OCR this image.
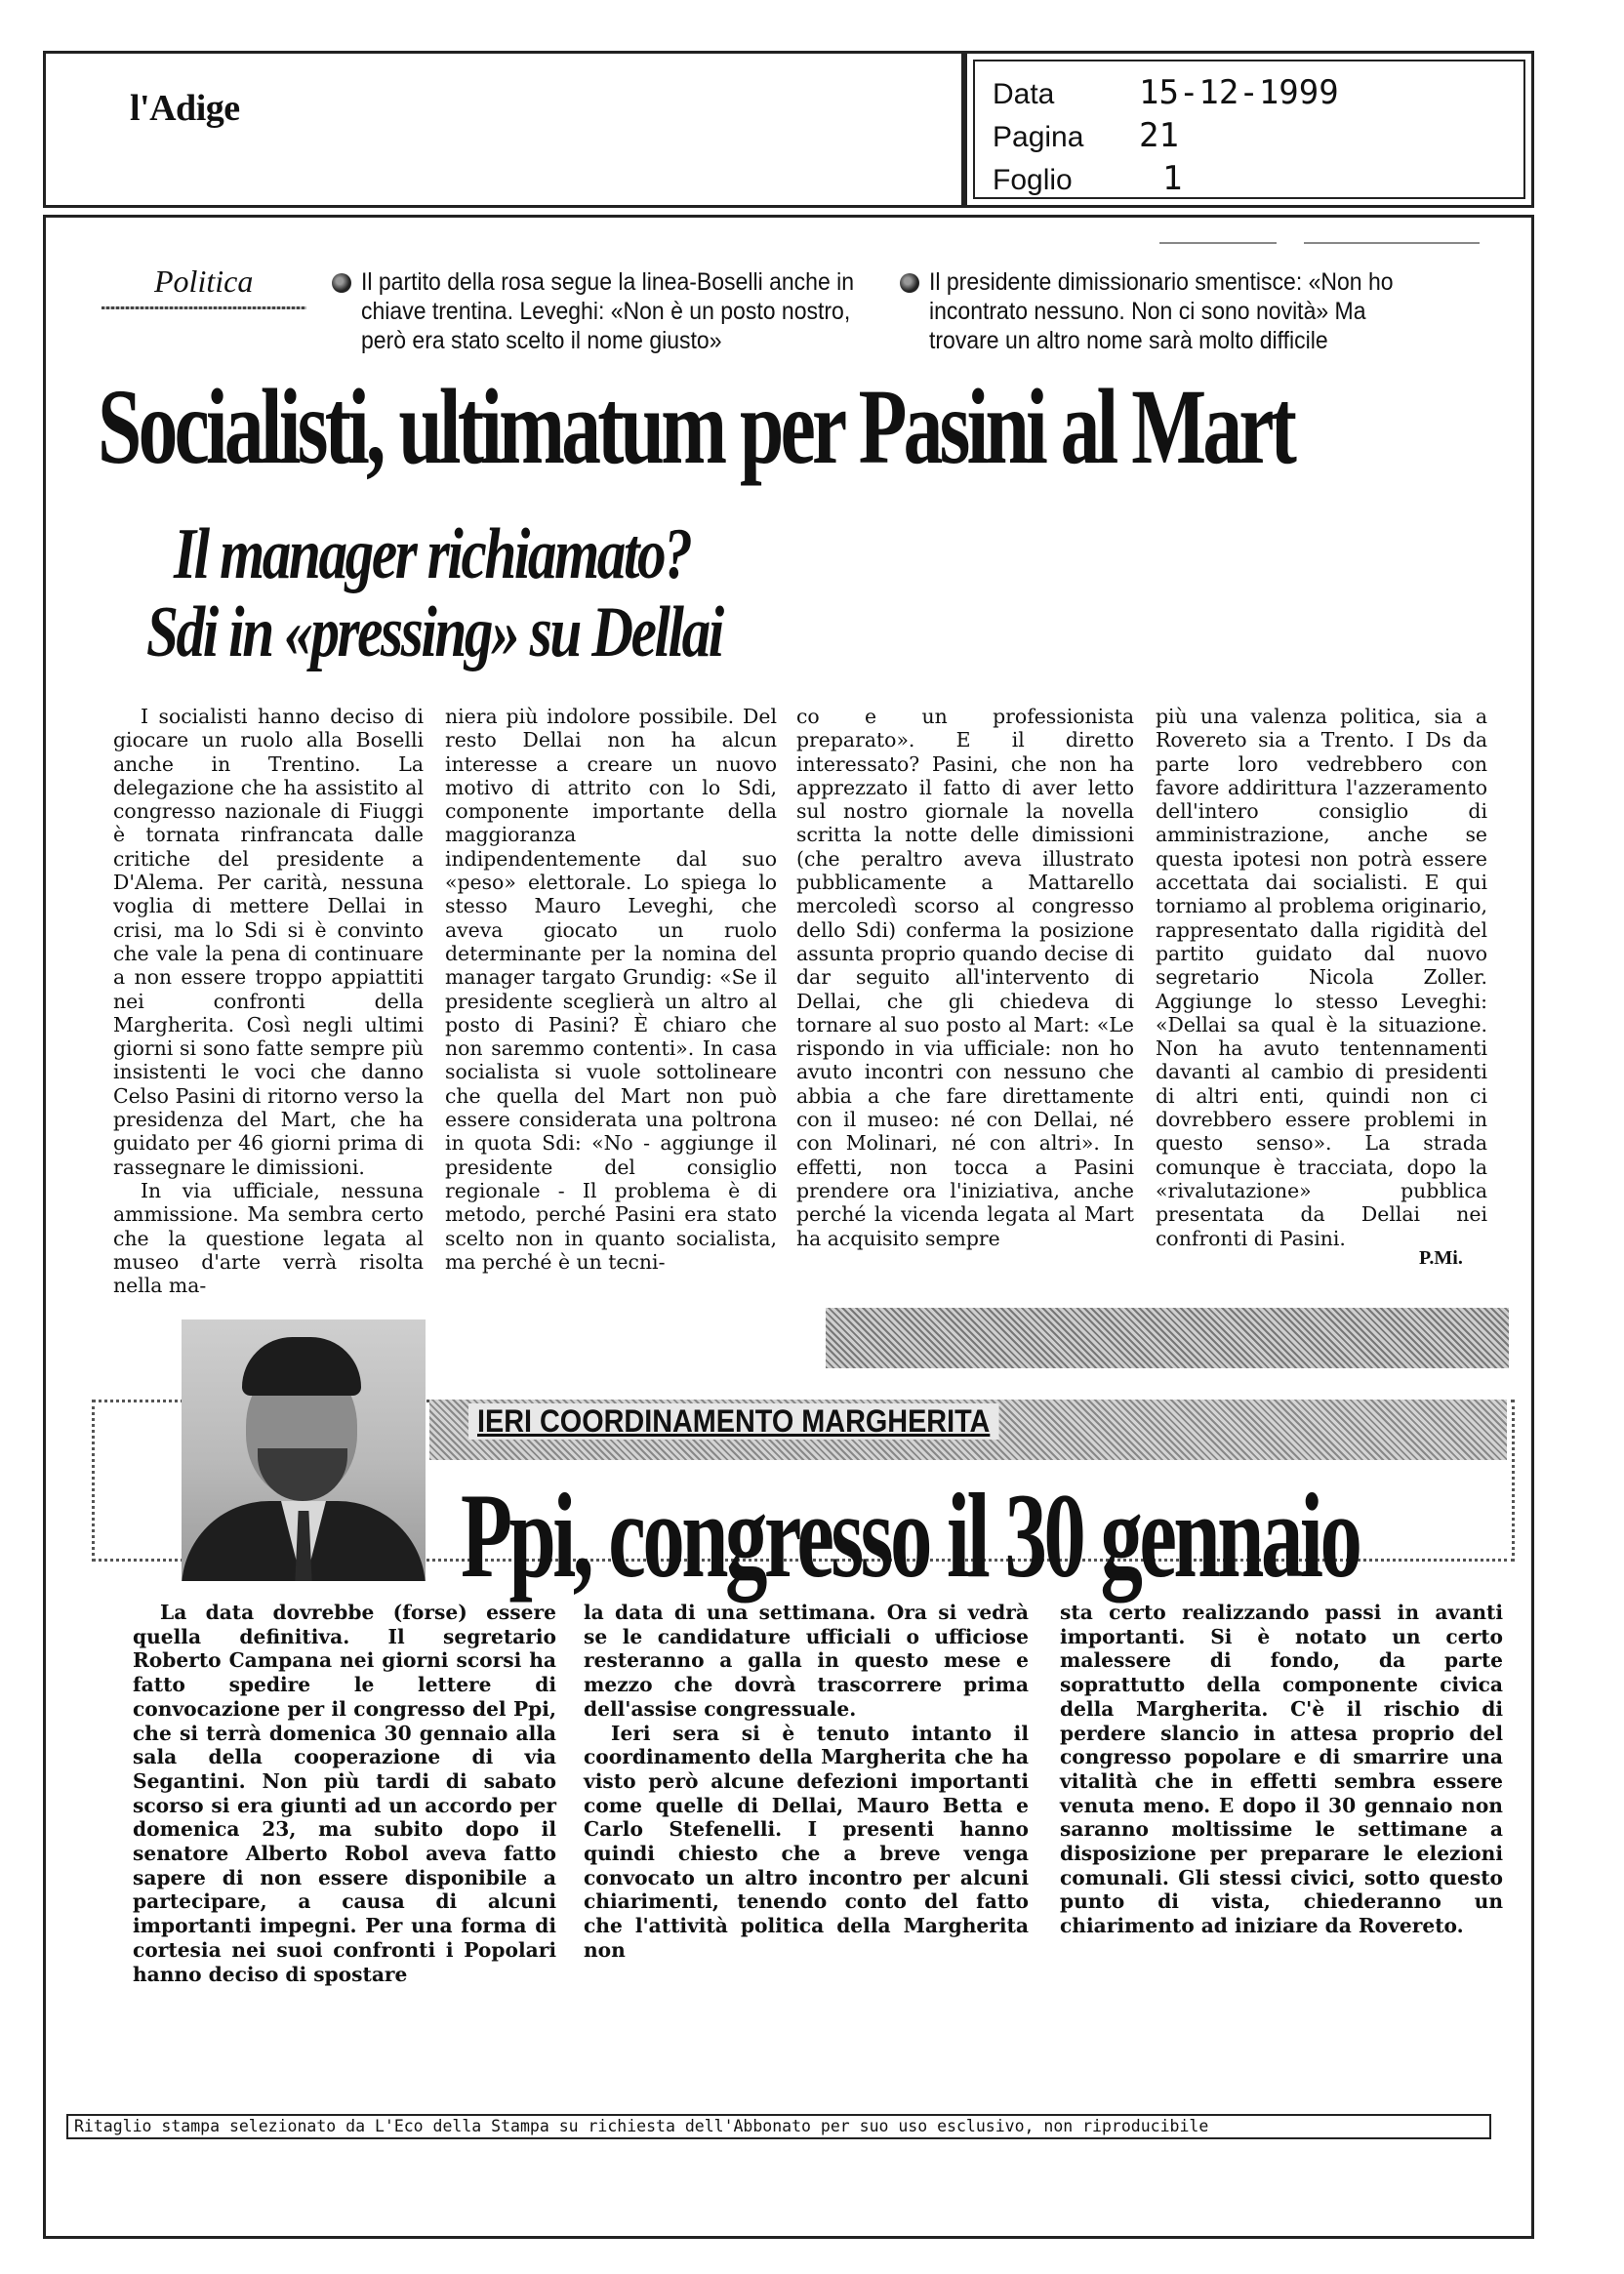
l'Adige	Data	15-12-1999
Pagina 21
Foglio	1
Politica	Il partito della rosa segue la linea-Boselli anche in chiave trentina. Leveghi: «Non è un posto nostro, però era stato scelto il nome giusto»
Il presidente dimissionario smentisce: «Non ho incontrato nessuno. Non ci sono novità» Ma trovare un altro nome sarà molto difficile
Socialisti, ultimatum per Pasini al Mart
Il manager richiamato?
Sdi in «pressing» su Dellai

I socialisti hanno deciso di giocare un ruolo alla Boselli anche in Trentino. La delegazione che ha assistito al congresso nazionale di Fiuggi è tornata rinfrancata dalle critiche del presidente a D'Alema. Per carità, nessuna voglia di mettere Dellai in crisi, ma lo Sdi si è convinto che vale la pena di continuare a non essere troppo appiattiti nei confronti della Margherita. Così negli ultimi giorni si sono fatte sempre più insistenti le voci che danno Celso Pasini di ritorno verso la presidenza del Mart, che ha guidato per 46 giorni prima di rassegnare le dimissioni.

In via ufficiale, nessuna ammissione. Ma sembra certo che la questione legata al museo d'arte verrà risolta nella ma-

niera più indolore possibile. Del resto Dellai non ha alcun interesse a creare un nuovo motivo di attrito con lo Sdi, componente importante della maggioranza indipendentemente dal suo «peso» elettorale. Lo spiega lo stesso Mauro Leveghi, che aveva giocato un ruolo determinante per la nomina del manager targato Grundig: «Se il presidente sceglierà un altro al posto di Pasini? È chiaro che non saremmo contenti». In casa socialista si vuole sottolineare che quella del Mart non può essere considerata una poltrona in quota Sdi: «No - aggiunge il presidente del consiglio regionale - Il problema è di metodo, perché Pasini era stato scelto non in quanto socialista, ma perché è un tecni-

co e un professionista preparato». E il diretto interessato? Pasini, che non ha apprezzato il fatto di aver letto sul nostro giornale la novella scritta la notte delle dimissioni (che peraltro aveva illustrato pubblicamente a Mattarello mercoledì scorso al congresso dello Sdi) conferma la posizione assunta proprio quando decise di dar seguito all'intervento di Dellai, che gli chiedeva di tornare al suo posto al Mart: «Le rispondo in via ufficiale: non ho avuto incontri con nessuno che abbia a che fare direttamente con il museo: né con Dellai, né con Molinari, né con altri». In effetti, non tocca a Pasini prendere ora l'iniziativa, anche perché la vicenda legata al Mart ha acquisito sempre

più una valenza politica, sia a Rovereto sia a Trento. I Ds da parte loro vedrebbero con favore addirittura l'azzeramento dell'intero consiglio di amministrazione, anche se questa ipotesi non potrà essere accettata dai socialisti. E qui torniamo al problema originario, rappresentato dalla rigidità del partito guidato dal nuovo segretario Nicola Zoller. Aggiunge lo stesso Leveghi: «Dellai sa qual è la situazione. Non ha avuto tentennamenti davanti al cambio di presidenti di altri enti, quindi non ci dovrebbero essere problemi in questo senso». La strada comunque è tracciata, dopo la «rivalutazione» pubblica presentata da Dellai nei confronti di Pasini.

P.Mi.
IERI COORDINAMENTO MARGHERITA
Ppi, congresso il 30 gennaio

La data dovrebbe (forse) essere quella definitiva. Il segretario Roberto Campana nei giorni scorsi ha fatto spedire le lettere di convocazione per il congresso del Ppi, che si terrà domenica 30 gennaio alla sala della cooperazione di via Segantini. Non più tardi di sabato scorso si era giunti ad un accordo per domenica 23, ma subito dopo il senatore Alberto Robol aveva fatto sapere di non essere disponibile a partecipare, a causa di alcuni importanti impegni. Per una forma di cortesia nei suoi confronti i Popolari hanno deciso di spostare

la data di una settimana. Ora si vedrà se le candidature ufficiali o ufficiose resteranno a galla in questo mese e mezzo che dovrà trascorrere prima dell'assise congressuale.

Ieri sera si è tenuto intanto il coordinamento della Margherita che ha visto però alcune defezioni importanti come quelle di Dellai, Mauro Betta e Carlo Stefenelli. I presenti hanno quindi chiesto che a breve venga convocato un altro incontro per alcuni chiarimenti, tenendo conto del fatto che l'attività politica della Margherita non

sta certo realizzando passi in avanti importanti. Si è notato un certo malessere di fondo, da parte soprattutto della componente civica della Margherita. C'è il rischio di perdere slancio in attesa proprio del congresso popolare e di smarrire una vitalità che in effetti sembra essere venuta meno. E dopo il 30 gennaio non saranno moltissime le settimane a disposizione per preparare le elezioni comunali. Gli stessi civici, sotto questo punto di vista, chiederanno un chiarimento ad iniziare da Rovereto.

Ritaglio stampa selezionato da L'Eco della Stampa su richiesta dell'Abbonato per suo uso esclusivo, non riproducibile
